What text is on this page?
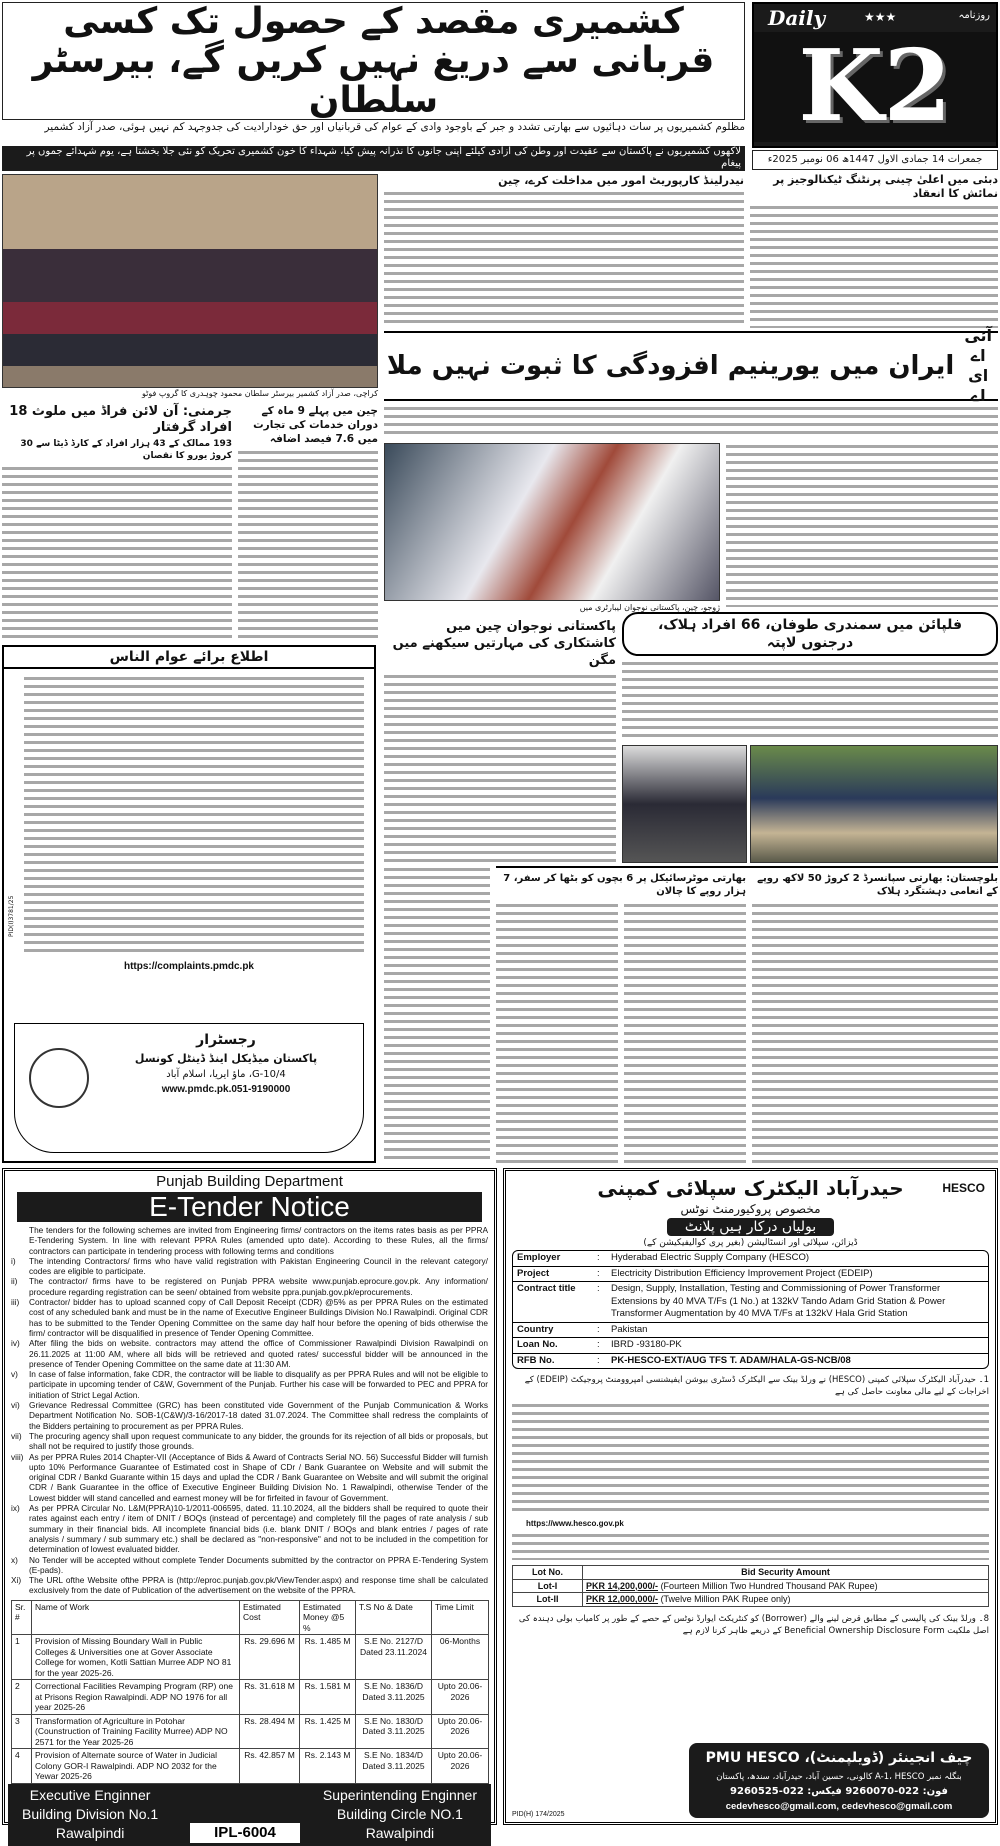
کشمیری مقصد کے حصول تک کسی قربانی سے دریغ نہیں کریں گے، بیرسٹر سلطان	K2
Daily	★★★	روزنامہ
جمعرات 14 جمادی الاول 1447ھ 06 نومبر 2025ء
مظلوم کشمیریوں پر سات دہائیوں سے بھارتی تشدد و جبر کے باوجود وادی کے عوام کی قربانیاں اور حق خودارادیت کی جدوجہد کم نہیں ہوئی، صدر آزاد کشمیر
لاکھوں کشمیریوں نے پاکستان سے عقیدت اور وطن کی آزادی کیلئے اپنی جانوں کا نذرانہ پیش کیا، شہداء کا خون کشمیری تحریک کو نئی جلا بخشتا ہے، یوم شہدائے جموں پر پیغام
کراچی، صدر آزاد کشمیر بیرسٹر سلطان محمود چوہدری کا گروپ فوٹو
نیدرلینڈ کارپوریٹ امور میں مداخلت کرے، چین	دبئی میں اعلیٰ چینی پرنٹنگ ٹیکنالوجیز پر نمائش کا انعقاد
آئی اے ای اے
ایران میں یورینیم افزودگی کا ثبوت نہیں ملا
جرمنی: آن لائن فراڈ میں ملوث 18 افراد گرفتار
193 ممالک کے 43 ہزار افراد کے کارڈ ڈیٹا سے 30 کروڑ یورو کا نقصان
چین میں پہلے 9 ماہ کے دوران خدمات کی تجارت میں 7.6 فیصد اضافہ
ژوجو، چین، پاکستانی نوجوان لیبارٹری میں
فلپائن میں سمندری طوفان، 66 افراد ہلاک، درجنوں لاپتہ
پاکستانی نوجوان چین میں کاشتکاری کی مہارتیں سیکھنے میں مگن
اطلاع برائے عوام الناس
https://complaints.pmdc.pk
PID(I)3781/25
رجسٹرار
پاکستان میڈیکل اینڈ ڈینٹل کونسل
G-10/4، ماؤ ایریا، اسلام آباد
www.pmdc.pk.051-9190000
بھارتی موٹرسائیکل پر 6 بچوں کو بٹھا کر سفر، 7 ہزار روپے کا چالان
بلوچستان: بھارتی سپانسرڈ 2 کروڑ 50 لاکھ روپے کے انعامی دہشتگرد ہلاک
Punjab Building Department
E-Tender Notice

The tenders for the following schemes are invited from Engineering firms/ contractors on the items rates basis as per PPRA E-Tendering System. In line with relevant PPRA Rules (amended upto date). According to these Rules, all the firms/ contractors can participate in tendering process with following terms and conditions

i) The intending Contractors/ firms who have valid registration with Pakistan Engineering Council in the relevant category/ codes are eligible to participate.

ii) The contractor/ firms have to be registered on Punjab PPRA website www.punjab.eprocure.gov.pk. Any information/ procedure regarding registration can be seen/ obtained from website ppra.punjab.gov.pk/eprocurements.

iii) Contractor/ bidder has to upload scanned copy of Call Deposit Receipt (CDR) @5% as per PPRA Rules on the estimated cost of any scheduled bank and must be in the name of Executive Engineer Buildings Division No.I Rawalpindi. Original CDR has to be submitted to the Tender Opening Committee on the same day half hour before the opening of bids otherwise the firm/ contractor will be disqualified in presence of Tender Opening Committee.

iv) After filing the bids on website. contractors may attend the office of Commissioner Rawalpindi Division Rawalpindi on 26.11.2025 at 11:00 AM, where all bids will be retrieved and quoted rates/ successful bidder will be announced in the presence of Tender Opening Committee on the same date at 11:30 AM.

v) In case of false information, fake CDR, the contractor will be liable to disqualify as per PPRA Rules and will not be eligible to participate in upcoming tender of C&W, Government of the Punjab. Further his case will be forwarded to PEC and PPRA for initiation of Strict Legal Action.

vi) Grievance Redressal Committee (GRC) has been constituted vide Government of the Punjab Communication & Works Department Notification No. SOB-1(C&W)/3-16/2017-18 dated 31.07.2024. The Committee shall redress the complaints of the Bidders pertaining to procurement as per PPRA Rules.

vii) The procuring agency shall upon request communicate to any bidder, the grounds for its rejection of all bids or proposals, but shall not be required to justify those grounds.

viii) As per PPRA Rules 2014 Chapter-VII (Acceptance of Bids & Award of Contracts Serial NO. 56) Successful Bidder will furnish upto 10% Performance Guarantee of Estimated cost in Shape of CDr / Bank Guarantee on Website and will submit the original CDR / Bankd Guarante within 15 days and uplad the CDR / Bank Guarantee on Website and will submit the original CDR / Bank Guarantee in the office of Executive Engineer Building Division No. 1 Rawalpindi, otherwise Tender of the Lowest bidder will stand cancelled and earnest money will be for firfeited in favour of Government.

ix) As per PPRA Circular No. L&M(PPRA)10-1/2011-006595, dated. 11.10.2024, all the bidders shall be required to quote their rates against each entry / item of DNIT / BOQs (instead of percentage) and completely fill the pages of rate analysis / sub summary in their financial bids. All incomplete financial bids (i.e. blank DNIT / BOQs and blank entries / pages of rate analysis / summary / sub summary etc.) shall be declared as "non-responsive" and not to be included in the competition for determination of lowest evaluated bidder.

x) No Tender will be accepted without complete Tender Documents submitted by the contractor on PPRA E-Tendering System (E-pads).

Xi) The URL ofthe Website ofthe PPRA is (http://eproc.punjab.gov.pk/ViewTender.aspx) and response time shall be calculated exclusively from the date of Publication of the advertisement on the website of the PPRA.

Sr. #	Name of Work	Estimated Cost	Estimated Money @5 %	T.S No & Date	Time Limit
1	Provision of Missing Boundary Wall in Public Colleges & Universities one at Gover Associate College for women, Kotli Sattian Murree ADP NO 81 for the year 2025-26.	Rs. 29.696 M	Rs. 1.485 M	S.E No. 2127/D Dated 23.11.2024	06-Months
2	Correctional Facilities Revamping Program (RP) one at Prisons Region Rawalpindi. ADP NO 1976 for all year 2025-26	Rs. 31.618 M	Rs. 1.581 M	S.E No. 1836/D Dated 3.11.2025	Upto 20.06-2026
3	Transformation of Agriculture in Potohar (Counstruction of Training Facility Murree) ADP NO 2571 for the Year 2025-26	Rs. 28.494 M	Rs. 1.425 M	S.E No. 1830/D Dated 3.11.2025	Upto 20.06-2026
4	Provision of Alternate source of Water in Judicial Colony GOR-I Rawalpindi. ADP NO 2032 for the Yewar 2025-26	Rs. 42.857 M	Rs. 2.143 M	S.E No. 1834/D Dated 3.11.2025	Upto 20.06-2026
Executive Enginner
Building Division No.1
Rawalpindi
Superintending Enginner
Building Circle NO.1
Rawalpindi
IPL-6004
حیدرآباد الیکٹرک سپلائی کمپنی	HESCO
مخصوص پروکیورمنٹ نوٹس
بولیاں درکار ہیں پلانٹ
ڈیزائن، سپلائی اور انسٹالیشن (بغیر پری کوالیفیکیشن کے)
Employer	:	Hyderabad Electric Supply Company (HESCO)
Project	:	Electricity Distribution Efficiency Improvement Project (EDEIP)
Contract title	:	Design, Supply, Installation, Testing and Commissioning of Power Transformer Extensions by 40 MVA T/Fs (1 No.) at 132kV Tando Adam Grid Station & Power Transformer Augmentation by 40 MVA T/Fs at 132kV Hala Grid Station
Country	:	Pakistan
Loan No.	:	IBRD -93180-PK
RFB No.	:	PK-HESCO-EXT/AUG TFS T. ADAM/HALA-GS-NCB/08
1۔ حیدرآباد الیکٹرک سپلائی کمپنی (HESCO) نے ورلڈ بینک سے الیکٹرک ڈسٹری بیوشن ایفیشنسی امپروومنٹ پروجیکٹ (EDEIP) کے اخراجات کے لیے مالی معاونت حاصل کی ہے
https://www.hesco.gov.pk
Lot No.	Bid Security Amount
Lot-I	PKR 14,200,000/- (Fourteen Million Two Hundred Thousand PAK Rupee)
Lot-II	PKR 12,000,000/- (Twelve Million PAK Rupee only)
8۔ ورلڈ بینک کی پالیسی کے مطابق قرض لینے والے (Borrower) کو کنٹریکٹ ایوارڈ نوٹس کے حصے کے طور پر کامیاب بولی دہندہ کی اصل ملکیت Beneficial Ownership Disclosure Form کے ذریعے ظاہر کرنا لازم ہے
PID(H) 174/2025
چیف انجینئر (ڈویلپمنٹ)، PMU HESCO
بنگلہ نمبر A-1، HESCO کالونی، حسین آباد، حیدرآباد، سندھ، پاکستان
فون: 022-9260070 فیکس: 022-9260525
cedevhesco@gmail.com, cedevhesco@gmail.com
